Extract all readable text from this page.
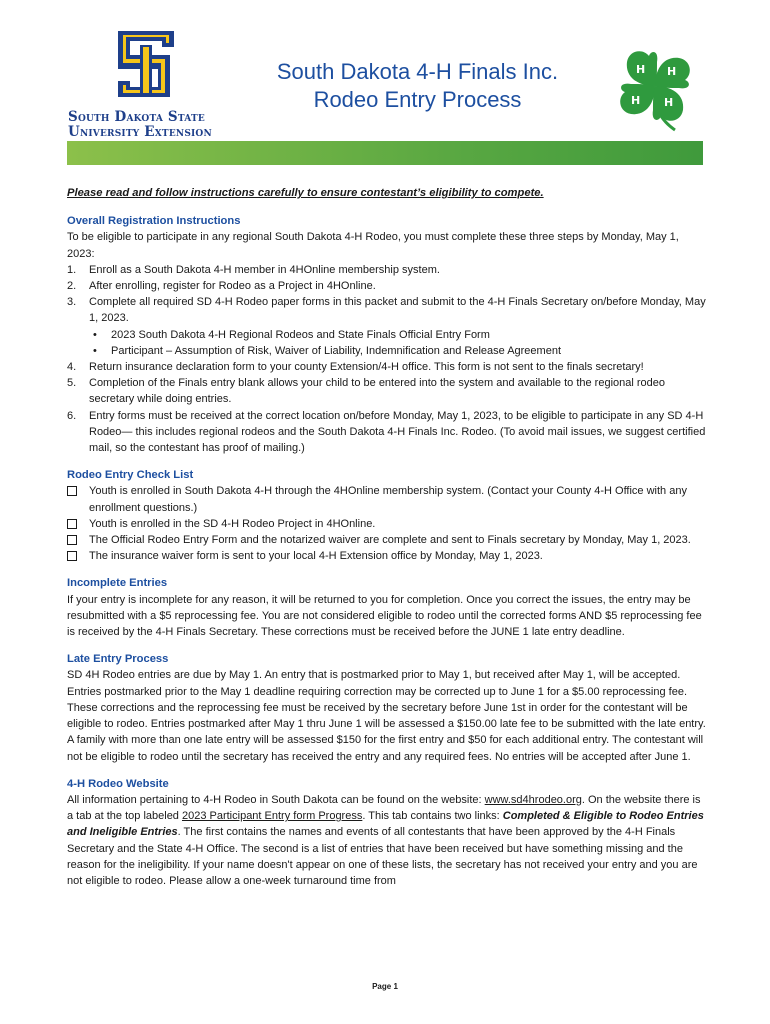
South Dakota State
University Extension
South Dakota 4-H Finals Inc.
Rodeo Entry Process
H H
H H
Please read and follow instructions carefully to ensure contestant’s eligibility to compete.
Overall Registration Instructions

To be eligible to participate in any regional South Dakota 4-H Rodeo, you must complete these three steps by Monday, May 1, 2023:

1. Enroll as a South Dakota 4-H member in 4HOnline membership system.
2. After enrolling, register for Rodeo as a Project in 4HOnline.
3. Complete all required SD 4-H Rodeo paper forms in this packet and submit to the 4-H Finals Secretary on/before Monday, May 1, 2023.
• 2023 South Dakota 4-H Regional Rodeos and State Finals Official Entry Form
• Participant – Assumption of Risk, Waiver of Liability, Indemnification and Release Agreement
4. Return insurance declaration form to your county Extension/4-H office. This form is not sent to the finals secretary!
5. Completion of the Finals entry blank allows your child to be entered into the system and available to the regional rodeo secretary while doing entries.
6. Entry forms must be received at the correct location on/before Monday, May 1, 2023, to be eligible to participate in any SD 4-H Rodeo— this includes regional rodeos and the South Dakota 4-H Finals Inc. Rodeo. (To avoid mail issues, we suggest certified mail, so the contestant has proof of mailing.)
Rodeo Entry Check List
Youth is enrolled in South Dakota 4-H through the 4HOnline membership system. (Contact your County 4-H Office with any enrollment questions.)
Youth is enrolled in the SD 4-H Rodeo Project in 4HOnline.
The Official Rodeo Entry Form and the notarized waiver are complete and sent to Finals secretary by Monday, May 1, 2023.
The insurance waiver form is sent to your local 4-H Extension office by Monday, May 1, 2023.
Incomplete Entries

If your entry is incomplete for any reason, it will be returned to you for completion. Once you correct the issues, the entry may be resubmitted with a $5 reprocessing fee. You are not considered eligible to rodeo until the corrected forms AND $5 reprocessing fee is received by the 4-H Finals Secretary. These corrections must be received before the JUNE 1 late entry deadline.

Late Entry Process

SD 4H Rodeo entries are due by May 1. An entry that is postmarked prior to May 1, but received after May 1, will be accepted. Entries postmarked prior to the May 1 deadline requiring correction may be corrected up to June 1 for a $5.00 reprocessing fee. These corrections and the reprocessing fee must be received by the secretary before June 1st in order for the contestant will be eligible to rodeo. Entries postmarked after May 1 thru June 1 will be assessed a $150.00 late fee to be submitted with the late entry. A family with more than one late entry will be assessed $150 for the first entry and $50 for each additional entry. The contestant will not be eligible to rodeo until the secretary has received the entry and any required fees. No entries will be accepted after June 1.

4-H Rodeo Website

All information pertaining to 4-H Rodeo in South Dakota can be found on the website: www.sd4hrodeo.org. On the website there is a tab at the top labeled 2023 Participant Entry form Progress. This tab contains two links: Completed & Eligible to Rodeo Entries and Ineligible Entries. The first contains the names and events of all contestants that have been approved by the 4-H Finals Secretary and the State 4-H Office. The second is a list of entries that have been received but have something missing and the reason for the ineligibility. If your name doesn't appear on one of these lists, the secretary has not received your entry and you are not eligible to rodeo. Please allow a one-week turnaround time from

Page 1
